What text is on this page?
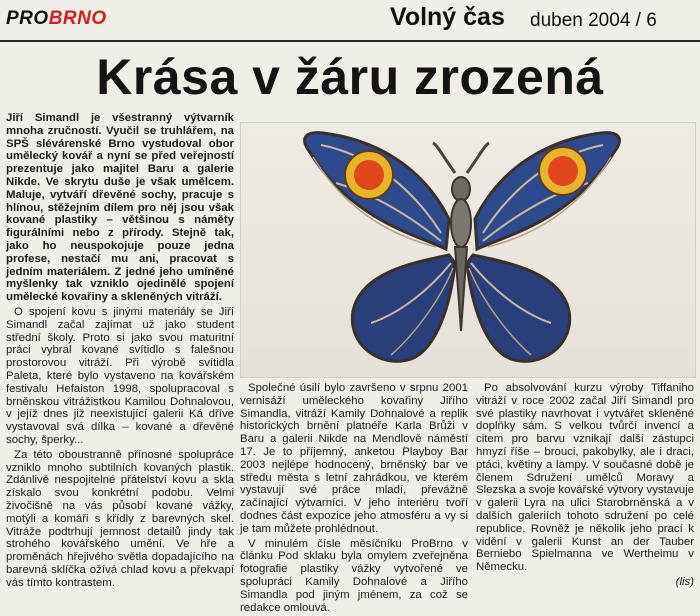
PROBRNO	Volný čas duben 2004 / 6
Krása v žáru zrozená

Jiří Simandl je všestranný výtvarník mnoha zručností. Vyučil se truhlářem, na SPŠ slévárenské Brno vystudoval obor umělecký kovář a nyní se před veřejností prezentuje jako majitel Baru a galerie Nikde. Ve skrytu duše je však umělcem. Maluje, vytváří dřevěné sochy, pracuje s hlínou, stěžejním dílem pro něj jsou však kované plastiky – většinou s náměty figurálními nebo z přírody. Stejně tak, jako ho neuspokojuje pouze jedna profese, nestačí mu ani, pracovat s jedním materiálem. Z jedné jeho umíněné myšlenky tak vzniklo ojedinělé spojení umělecké kovařiny a skleněných vitráží.

O spojení kovu s jinými materiály se Jiří Simandl začal zajímat už jako student střední školy. Proto si jako svou maturitní práci vybral kované svítidlo s falešnou prostorovou vitráží. Při výrobě svítidla Paleta, které bylo vystaveno na kovářském festivalu Hefaiston 1998, spolupracoval s brněnskou vitrážistkou Kamilou Dohnalovou, v jejíž dnes již neexistující galerii Ká dříve vystavoval svá dílka – kované a dřevěné sochy, šperky...

Za této oboustranně přínosné spolupráce vzniklo mnoho subtilních kovaných plastik. Zdánlivě nespojitelné přátelství kovu a skla získalo svou konkrétní podobu. Velmi živočišně na vás působí kované vážky, motýli a komáři s křídly z barevných skel. Vitráže podtrhují jemnost detailů jindy tak strohého kovářského umění. Ve hře a proměnách hřejivého světla dopadajícího na barevná sklíčka ožívá chlad kovu a překvapí vás tímto kontrastem.

Společné úsilí bylo završeno v srpnu 2001 vernisáží uměleckého kovařiny Jiřího Simandla, vitráží Kamily Dohnalové a replik historických brnění platnéře Karla Brůži v Baru a galerii Nikde na Mendlově náměstí 17. Je to příjemný, anketou Playboy Bar 2003 nejlépe hodnocený, brněnský bar ve středu města s letní zahrádkou, ve kterém vystavují své práce mladí, převážně začínající výtvarníci. V jeho interiéru tvoří dodnes část expozice jeho atmosféru a vy si je tam můžete prohlédnout.

V minulém čísle měsíčníku ProBrno v článku Pod sklaku byla omylem zveřejněna fotografie plastiky vážky vytvořené ve spolupráci Kamily Dohnalové a Jiřího Simandla pod jiným jménem, za což se redakce omlouvá.

Po absolvování kurzu výroby Tiffaniho vitráží v roce 2002 začal Jiří Simandl pro své plastiky navrhovat i vytvářet skleněné doplňky sám. S velkou tvůrčí invencí a citem pro barvu vznikají další zástupci hmyzí říše – brouci, pakobylky, ale i draci, ptáci, květiny a lampy. V současné době je členem Sdružení umělců Moravy a Slezska a svoje kovářské výtvory vystavuje v galerii Lyra na ulici Starobrněnská a v dalších galeriích tohoto sdružení po celé republice. Rovněž je několik jeho prací k vidění v galerii Kunst an der Tauber Berniebo Spielmanna ve Wertheimu v Německu.

(lis)
